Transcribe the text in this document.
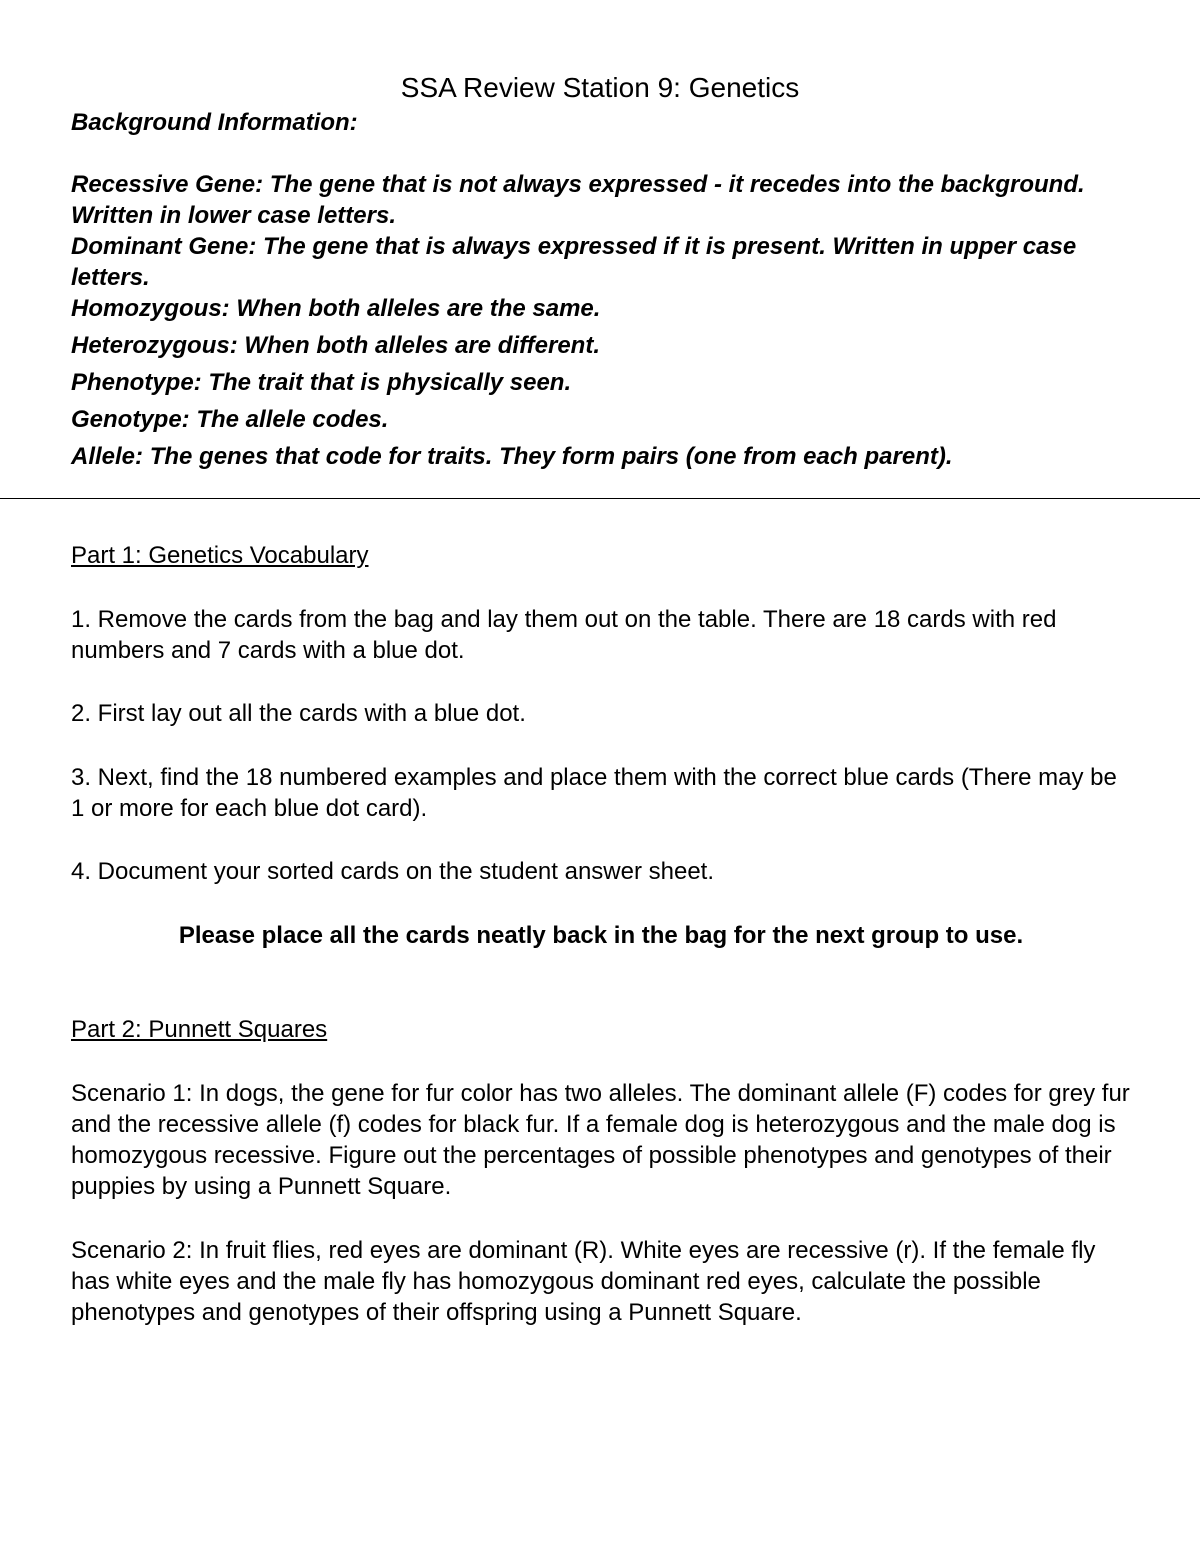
SSA Review Station 9: Genetics

Background Information:

Recessive Gene: The gene that is not always expressed - it recedes into the background. Written in lower case letters.

Dominant Gene: The gene that is always expressed if it is present. Written in upper case letters.

Homozygous: When both alleles are the same.

Heterozygous: When both alleles are different.

Phenotype: The trait that is physically seen.

Genotype: The allele codes.

Allele: The genes that code for traits. They form pairs (one from each parent).

Part 1: Genetics Vocabulary

1. Remove the cards from the bag and lay them out on the table. There are 18 cards with red numbers and 7 cards with a blue dot.

2. First lay out all the cards with a blue dot.

3. Next, find the 18 numbered examples and place them with the correct blue cards (There may be 1 or more for each blue dot card).

4. Document your sorted cards on the student answer sheet.

Please place all the cards neatly back in the bag for the next group to use.

Part 2: Punnett Squares

Scenario 1: In dogs, the gene for fur color has two alleles. The dominant allele (F) codes for grey fur and the recessive allele (f) codes for black fur. If a female dog is heterozygous and the male dog is homozygous recessive. Figure out the percentages of possible phenotypes and genotypes of their puppies by using a Punnett Square.

Scenario 2: In fruit flies, red eyes are dominant (R). White eyes are recessive (r). If the female fly has white eyes and the male fly has homozygous dominant red eyes, calculate the possible phenotypes and genotypes of their offspring using a Punnett Square.
